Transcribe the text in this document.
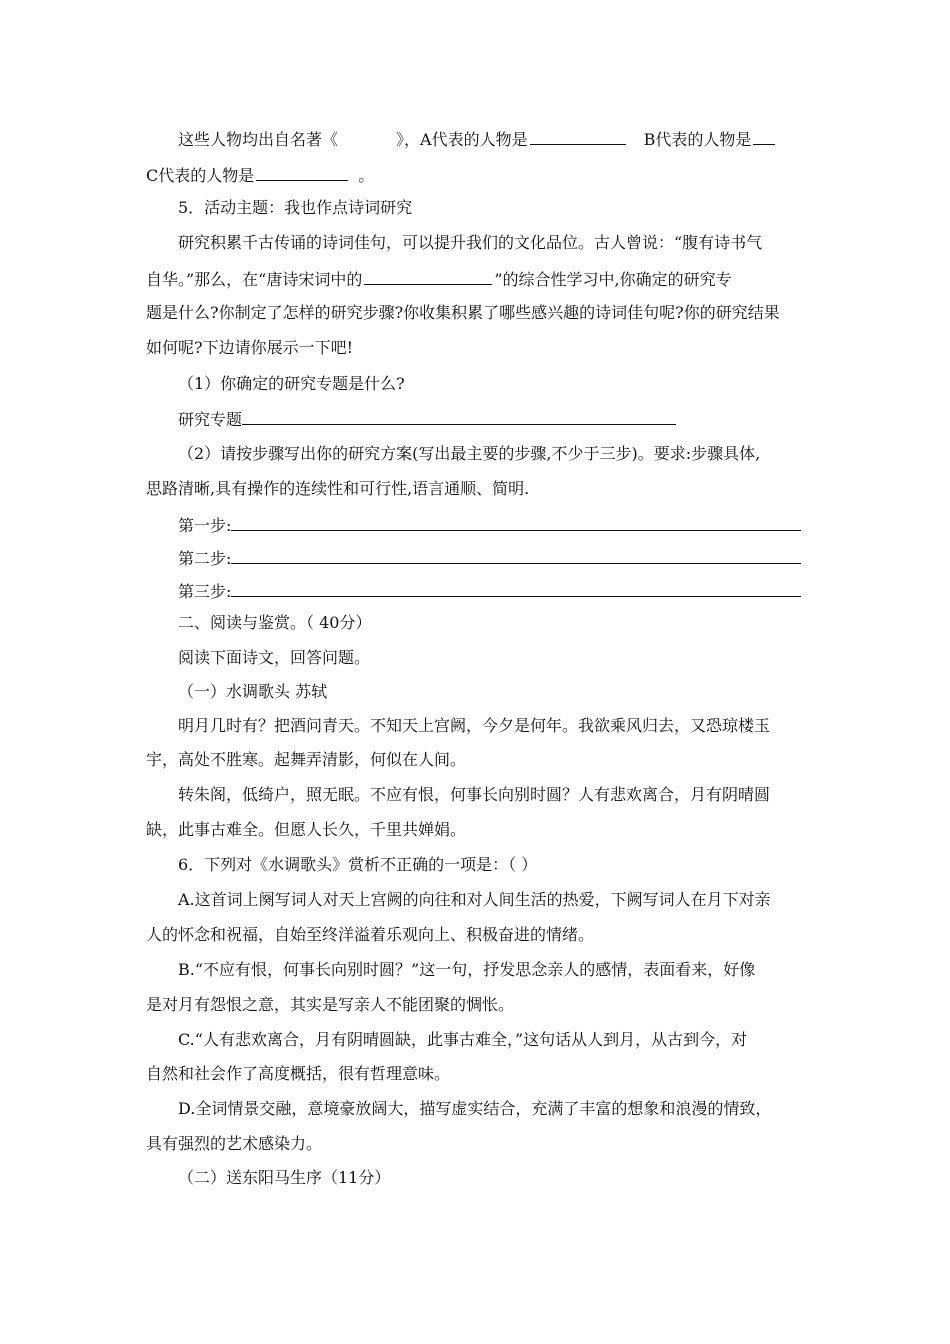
这些人物均出自名著《	》，A代表的人物是	B代表的人物是
C代表的人物是	。
5．活动主题：我也作点诗词研究
研究积累千古传诵的诗词佳句，可以提升我们的文化品位。古人曾说：“腹有诗书气
自华。”那么，在“唐诗宋词中的	”的综合性学习中,你确定的研究专
题是什么?你制定了怎样的研究步骤?你收集积累了哪些感兴趣的诗词佳句呢?你的研究结果
如何呢?下边请你展示一下吧!
（1）你确定的研究专题是什么?
研究专题
（2）请按步骤写出你的研究方案(写出最主要的步骤,不少于三步)。要求:步骤具体,
思路清晰,具有操作的连续性和可行性,语言通顺、简明.
第一步:
第二步:
第三步:
二、阅读与鉴赏。（ 40分）
阅读下面诗文，回答问题。
（一）水调歌头 苏轼
明月几时有？把酒问青天。不知天上宫阙，今夕是何年。我欲乘风归去，又恐琼楼玉
宇，高处不胜寒。起舞弄清影，何似在人间。
转朱阁，低绮户，照无眠。不应有恨，何事长向别时圆？人有悲欢离合，月有阴晴圆
缺，此事古难全。但愿人长久，千里共婵娟。
6．下列对《水调歌头》赏析不正确的一项是：（ ）
A.这首词上阕写词人对天上宫阙的向往和对人间生活的热爱，下阙写词人在月下对亲
人的怀念和祝福，自始至终洋溢着乐观向上、积极奋进的情绪。
B.“不应有恨，何事长向别时圆？”这一句，抒发思念亲人的感情，表面看来，好像
是对月有怨恨之意，其实是写亲人不能团聚的惆怅。
C.“人有悲欢离合，月有阴晴圆缺，此事古难全，”这句话从人到月，从古到今，对
自然和社会作了高度概括，很有哲理意味。
D.全词情景交融，意境豪放阔大，描写虚实结合，充满了丰富的想象和浪漫的情致，
具有强烈的艺术感染力。
（二）送东阳马生序（11分）
